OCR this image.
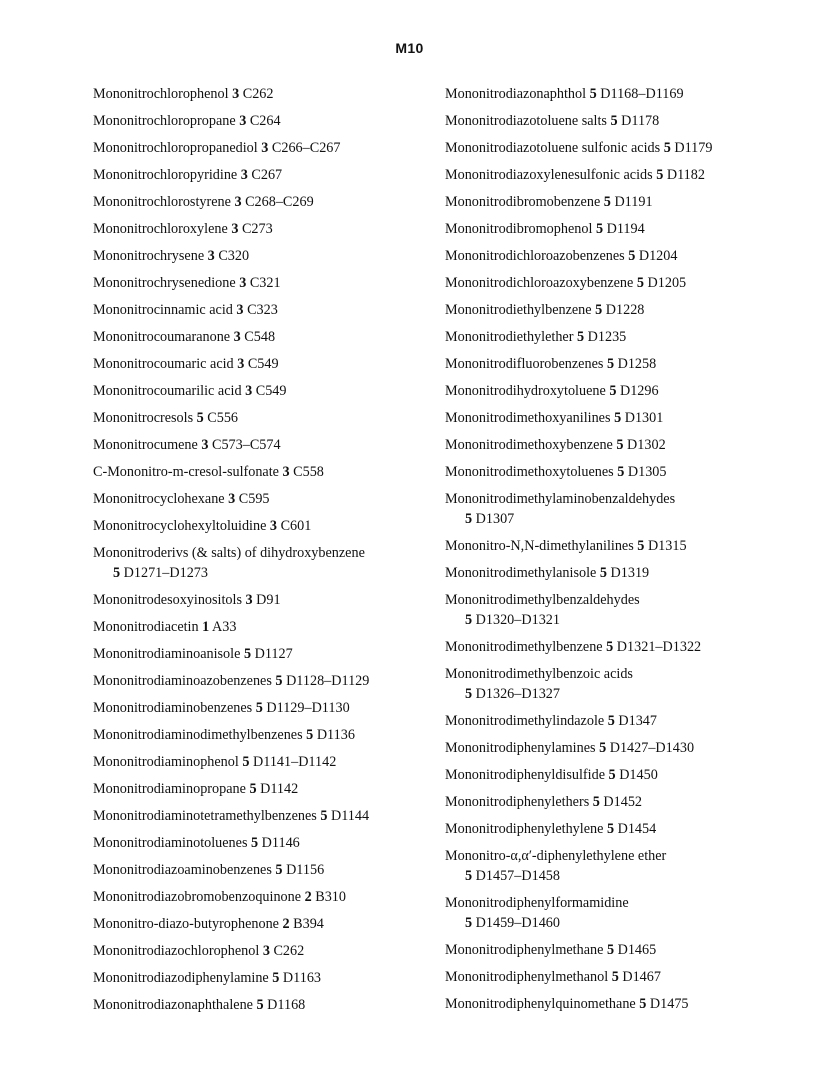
M10
Mononitrochlorophenol 3 C262
Mononitrochloropropane 3 C264
Mononitrochloropropanediol 3 C266–C267
Mononitrochloropyridine 3 C267
Mononitrochlorostyrene 3 C268–C269
Mononitrochloroxylene 3 C273
Mononitrochrysene 3 C320
Mononitrochrysenedione 3 C321
Mononitrocinnamic acid 3 C323
Mononitrocoumaranone 3 C548
Mononitrocoumaric acid 3 C549
Mononitrocoumarilic acid 3 C549
Mononitrocresols 5 C556
Mononitrocumene 3 C573–C574
C-Mononitro-m-cresol-sulfonate 3 C558
Mononitrocyclohexane 3 C595
Mononitrocyclohexyltoluidine 3 C601
Mononitroderivs (& salts) of dihydroxybenzene
5 D1271–D1273
Mononitrodesoxyinositols 3 D91
Mononitrodiacetin 1 A33
Mononitrodiaminoanisole 5 D1127
Mononitrodiaminoazobenzenes 5 D1128–D1129
Mononitrodiaminobenzenes 5 D1129–D1130
Mononitrodiaminodimethylbenzenes 5 D1136
Mononitrodiaminophenol 5 D1141–D1142
Mononitrodiaminopropane 5 D1142
Mononitrodiaminotetramethylbenzenes 5 D1144
Mononitrodiaminotoluenes 5 D1146
Mononitrodiazoaminobenzenes 5 D1156
Mononitrodiazobromobenzoquinone 2 B310
Mononitro-diazo-butyrophenone 2 B394
Mononitrodiazochlorophenol 3 C262
Mononitrodiazodiphenylamine 5 D1163
Mononitrodiazonaphthalene 5 D1168
Mononitrodiazonaphthol 5 D1168–D1169
Mononitrodiazotoluene salts 5 D1178
Mononitrodiazotoluene sulfonic acids 5 D1179
Mononitrodiazoxylenesulfonic acids 5 D1182
Mononitrodibromobenzene 5 D1191
Mononitrodibromophenol 5 D1194
Mononitrodichloroazobenzenes 5 D1204
Mononitrodichloroazoxybenzene 5 D1205
Mononitrodiethylbenzene 5 D1228
Mononitrodiethylether 5 D1235
Mononitrodifluorobenzenes 5 D1258
Mononitrodihydroxytoluene 5 D1296
Mononitrodimethoxyanilines 5 D1301
Mononitrodimethoxybenzene 5 D1302
Mononitrodimethoxytoluenes 5 D1305
Mononitrodimethylaminobenzaldehydes
5 D1307
Mononitro-N,N-dimethylanilines 5 D1315
Mononitrodimethylanisole 5 D1319
Mononitrodimethylbenzaldehydes
5 D1320–D1321
Mononitrodimethylbenzene 5 D1321–D1322
Mononitrodimethylbenzoic acids
5 D1326–D1327
Mononitrodimethylindazole 5 D1347
Mononitrodiphenylamines 5 D1427–D1430
Mononitrodiphenyldisulfide 5 D1450
Mononitrodiphenylethers 5 D1452
Mononitrodiphenylethylene 5 D1454
Mononitro-α,α′-diphenylethylene ether
5 D1457–D1458
Mononitrodiphenylformamidine
5 D1459–D1460
Mononitrodiphenylmethane 5 D1465
Mononitrodiphenylmethanol 5 D1467
Mononitrodiphenylquinomethane 5 D1475
